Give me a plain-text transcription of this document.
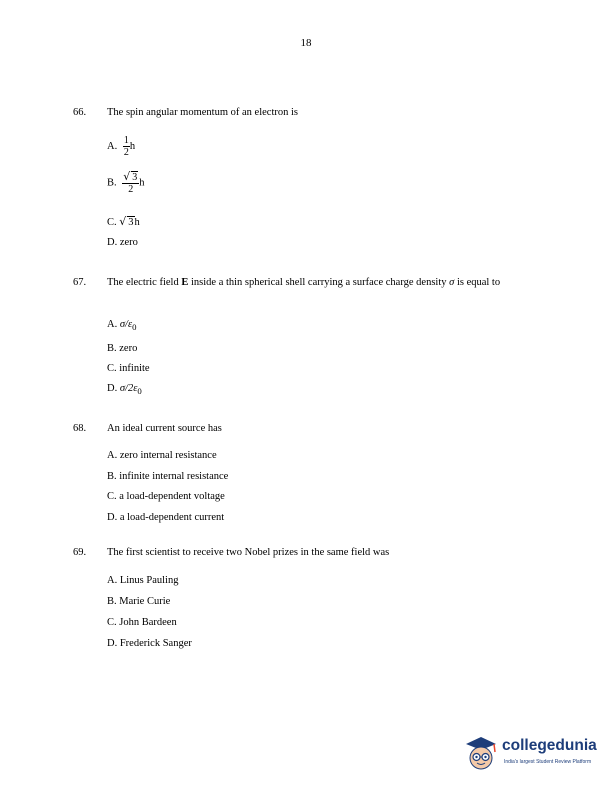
18
66. The spin angular momentum of an electron is
A. $\frac{1}{2}$ h
B. $\frac{√ 3}{2}$ h
C. √ 3h
D. zero
67. The electric field E inside a thin spherical shell carrying a surface charge density σ is equal to
A. $\sigma/\varepsilon_0$
B. zero
C. infinite
D. $\sigma/2\varepsilon_0$
68. An ideal current source has
A. zero internal resistance
B. infinite internal resistance
C. a load-dependent voltage
D. a load-dependent current
69. The first scientist to receive two Nobel prizes in the same field was
A. Linus Pauling
B. Marie Curie
C. John Bardeen
D. Frederick Sanger
collegedunia
India's largest Student Review Platform
